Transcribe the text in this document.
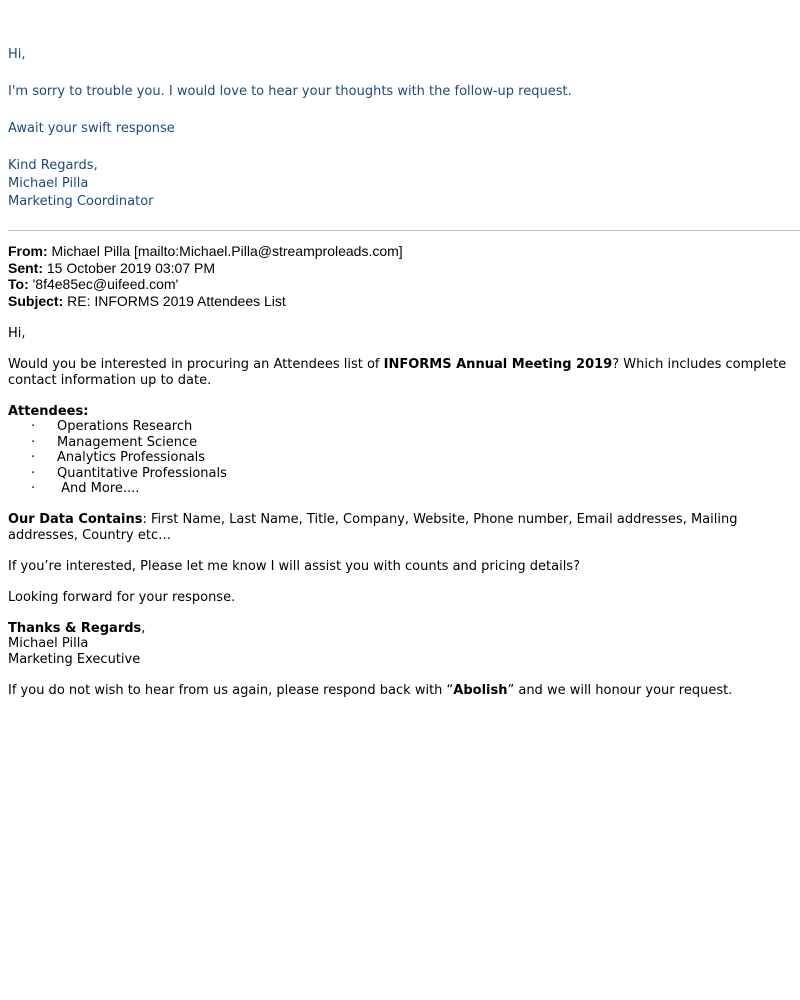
Hi,

I'm sorry to trouble you. I would love to hear your thoughts with the follow-up request.

Await your swift response

Kind Regards,

Michael Pilla

Marketing Coordinator

From: Michael Pilla [mailto:Michael.Pilla@streamproleads.com]
Sent: 15 October 2019 03:07 PM
To: '8f4e85ec@uifeed.com'
Subject: RE: INFORMS 2019 Attendees List

Hi,

Would you be interested in procuring an Attendees list of INFORMS Annual Meeting 2019? Which includes complete contact information up to date.

Attendees:

· Operations Research
· Management Science
· Analytics Professionals
· Quantitative Professionals
· And More....

Our Data Contains: First Name, Last Name, Title, Company, Website, Phone number, Email addresses, Mailing addresses, Country etc…

If you’re interested, Please let me know I will assist you with counts and pricing details?

Looking forward for your response.

Thanks & Regards,

Michael Pilla

Marketing Executive

If you do not wish to hear from us again, please respond back with “Abolish” and we will honour your request.
